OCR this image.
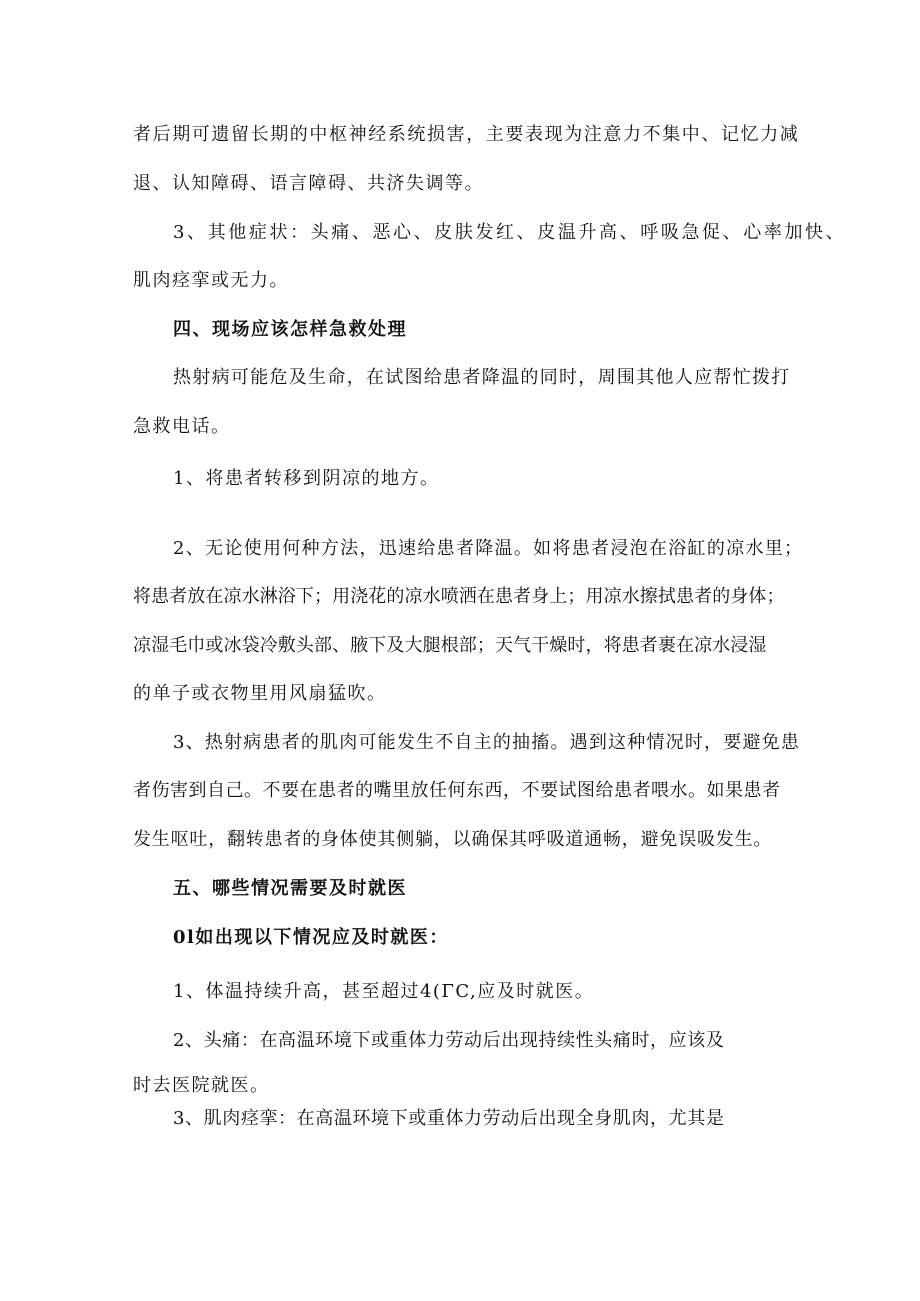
者后期可遗留长期的中枢神经系统损害，主要表现为注意力不集中、记忆力减

退、认知障碍、语言障碍、共济失调等。

3、其他症状：头痛、恶心、皮肤发红、皮温升高、呼吸急促、心率加快、

肌肉痉挛或无力。

四、现场应该怎样急救处理

热射病可能危及生命，在试图给患者降温的同时，周围其他人应帮忙拨打

急救电话。

1、将患者转移到阴凉的地方。

2、无论使用何种方法，迅速给患者降温。如将患者浸泡在浴缸的凉水里；

将患者放在凉水淋浴下；用浇花的凉水喷洒在患者身上；用凉水擦拭患者的身体；

凉湿毛巾或冰袋冷敷头部、腋下及大腿根部；天气干燥时，将患者裹在凉水浸湿

的单子或衣物里用风扇猛吹。

3、热射病患者的肌肉可能发生不自主的抽搐。遇到这种情况时，要避免患

者伤害到自己。不要在患者的嘴里放任何东西，不要试图给患者喂水。如果患者

发生呕吐，翻转患者的身体使其侧躺，以确保其呼吸道通畅，避免误吸发生。

五、哪些情况需要及时就医

0l如出现以下情况应及时就医：

1、体温持续升高，甚至超过4(ΓC,应及时就医。

2、头痛：在高温环境下或重体力劳动后出现持续性头痛时，应该及

时去医院就医。

3、肌肉痉挛：在高温环境下或重体力劳动后出现全身肌肉，尤其是
